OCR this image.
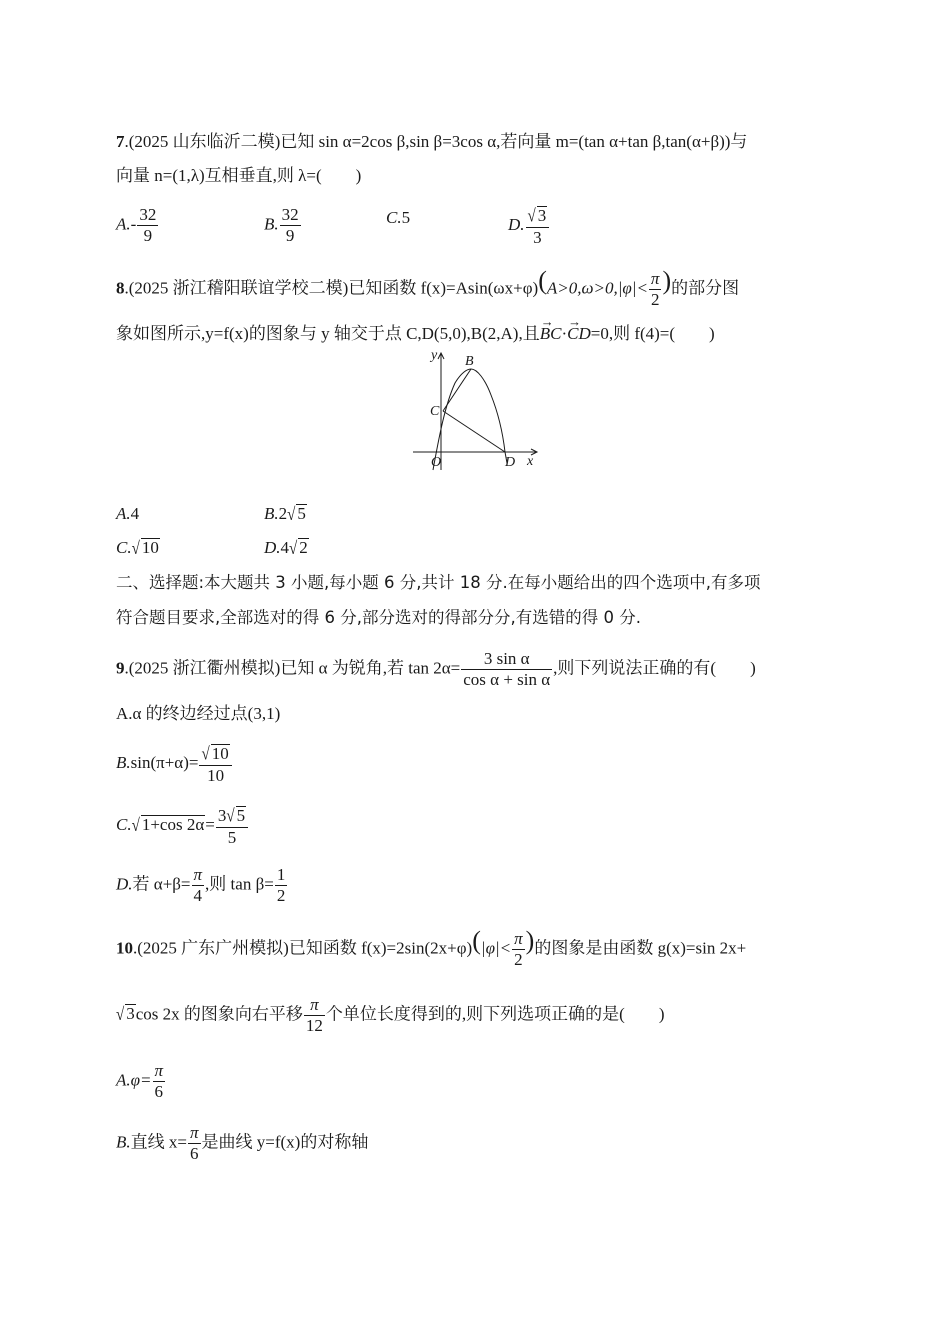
7.(2025 山东临沂二模)已知 sin α=2cos β,sin β=3cos α,若向量 m=(tan α+tan β,tan(α+β))与
向量 n=(1,λ)互相垂直,则 λ=(　　)
$A.- \frac{32}{9}$	B. $\frac{32}{9}$	C.5	D. $\frac{√ 3}{3}$
8.(2025 浙江稽阳联谊学校二模)已知函数 $f(x)=Asin(\omega x+\varphi)(A>0,\omega>0,|\varphi|< \frac{\pi}{2}$ )的部分图
象如图所示,y=f(x)的图象与 y 轴交于点 C,D(5,0),B(2,A),且→ BC·→ CD=0,则 f(4)=(　　)
y B
C
O	D x
A.4	B.2√ 5
C.√ 10	D.4√ 2
二、选择题:本大题共 3 小题,每小题 6 分,共计 18 分.在每小题给出的四个选项中,有多项
符合题目要求,全部选对的得 6 分,部分选对的得部分分,有选错的得 0 分.
9.(2025 浙江衢州模拟)已知 α 为锐角,若 $\tan 2\alpha= \frac{\text{3 sin α}}{\text{cos α + sin α}}$ ,则下列说法正确的有(　　)
A.α 的终边经过点(3,1)
$B.\sin(\pi+\alpha)= \frac{√ 10}{10}$
C.√ 1+cos $2\alpha= \frac{3√ 5}{5}$
D.若 $\alpha+\beta= \frac{\pi}{4}$ ,则 $\tan \beta= \frac{1}{2}$
10.(2025 广东广州模拟)已知函数 $f(x)=2\sin(2x+\varphi)(|\varphi|< \frac{\pi}{2}$ )的图象是由函数 g(x)=sin 2x+
√ 3cos 2x 的图象向右平移 $\frac{\pi}{12}$ 个单位长度得到的,则下列选项正确的是(　　)
$A.\varphi= \frac{\pi}{6}$
B.直线 $x= \frac{\pi}{6}$ 是曲线 y=f(x)的对称轴
